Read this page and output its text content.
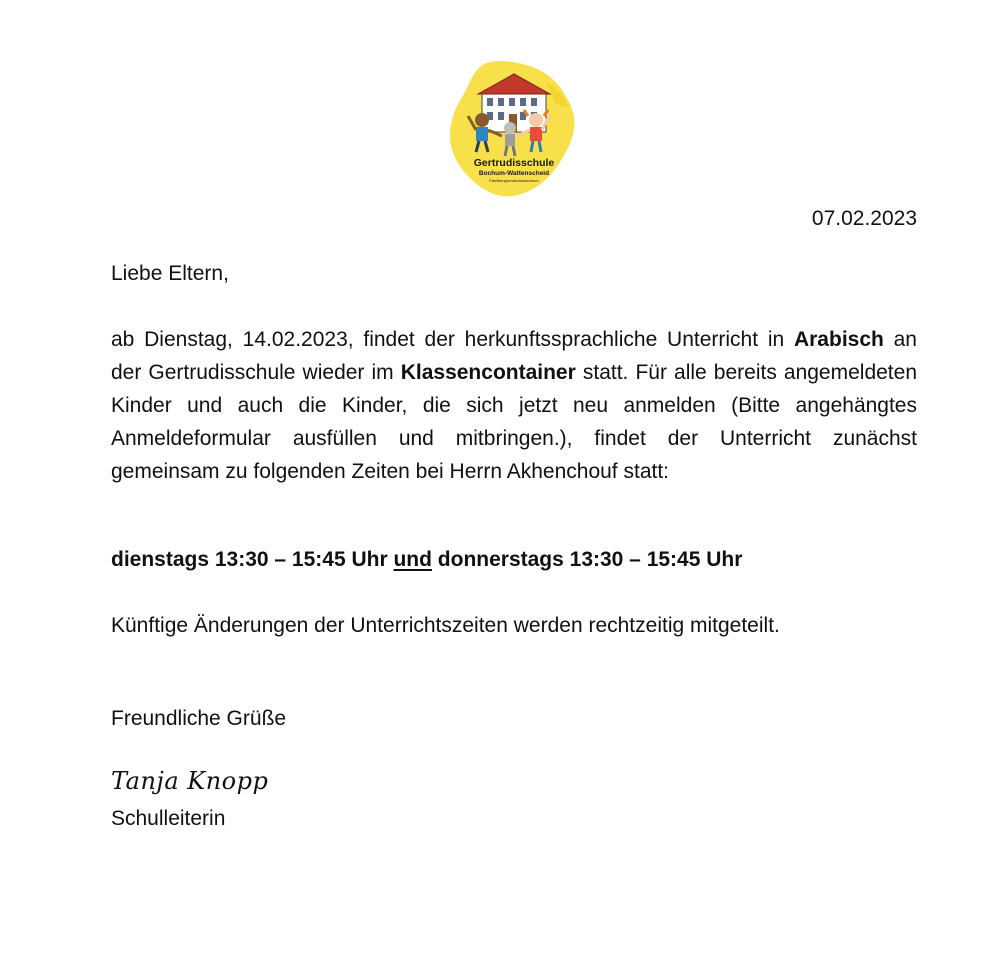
Gertrudisschule
Bochum-Wattenscheid
Familiengrundschulzentrum
07.02.2023
Liebe Eltern,
ab Dienstag, 14.02.2023, findet der herkunftssprachliche Unterricht in Arabisch an der Gertrudisschule wieder im Klassencontainer statt. Für alle bereits angemeldeten Kinder und auch die Kinder, die sich jetzt neu anmelden (Bitte angehängtes Anmeldeformular ausfüllen und mitbringen.), findet der Unterricht zunächst gemeinsam zu folgenden Zeiten bei Herrn Akhenchouf statt:
dienstags 13:30 – 15:45 Uhr und donnerstags 13:30 – 15:45 Uhr
Künftige Änderungen der Unterrichtszeiten werden rechtzeitig mitgeteilt.
Freundliche Grüße
Tanja Knopp
Schulleiterin
